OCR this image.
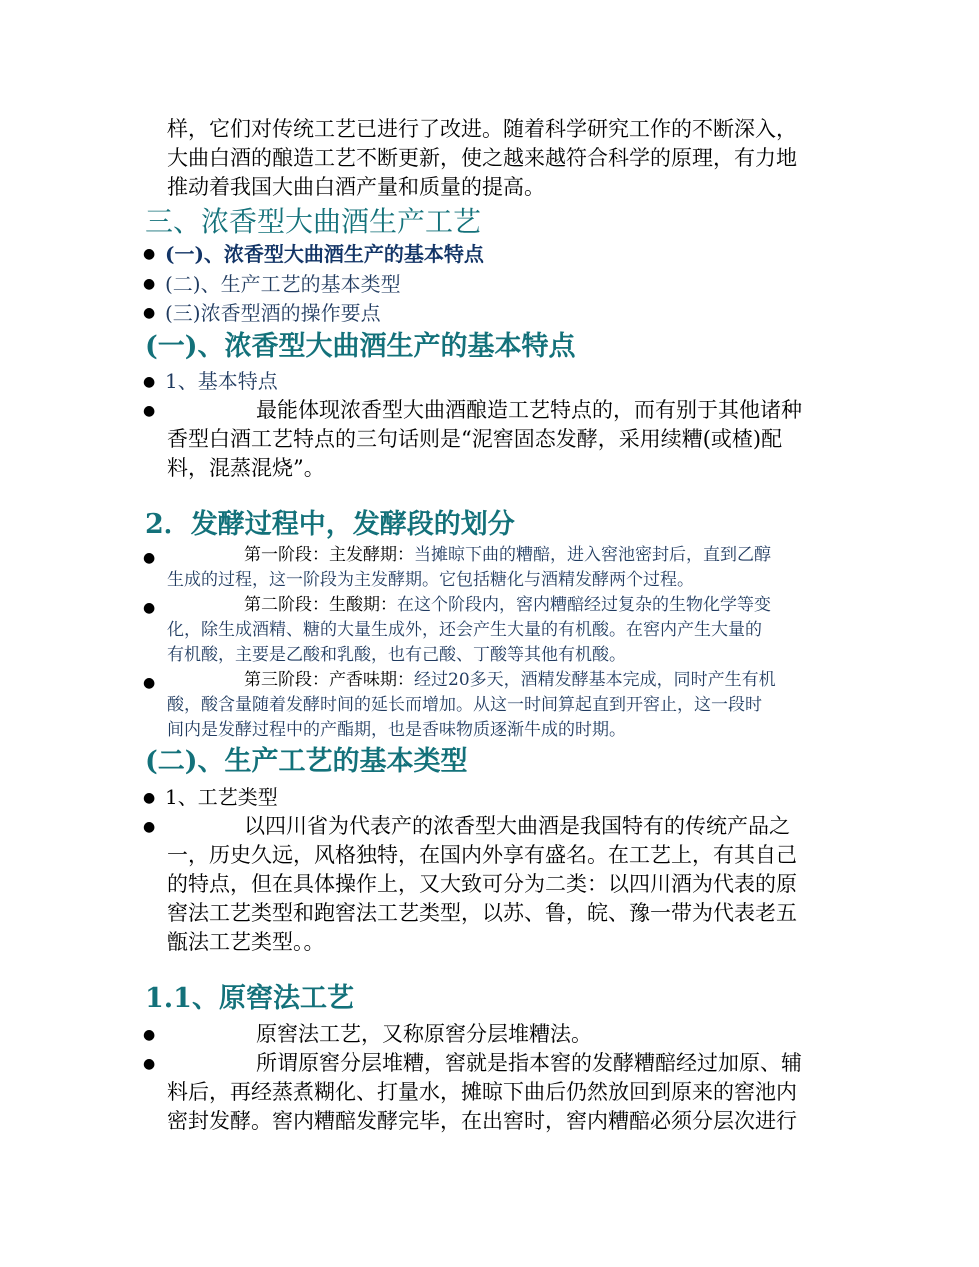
样，它们对传统工艺已进行了改进。随着科学研究工作的不断深入，
大曲白酒的酿造工艺不断更新，使之越来越符合科学的原理，有力地
推动着我国大曲白酒产量和质量的提高。
三、浓香型大曲酒生产工艺
● (一)、浓香型大曲酒生产的基本特点
● (二)、生产工艺的基本类型
● (三)浓香型酒的操作要点
(一)、浓香型大曲酒生产的基本特点
● 1、基本特点
●	最能体现浓香型大曲酒酿造工艺特点的，而有别于其他诸种
香型白酒工艺特点的三句话则是“泥窖固态发酵，采用续糟(或楂)配
料，混蒸混烧”。
2．发酵过程中，发酵段的划分
●	第一阶段：主发酵期：当摊晾下曲的糟醅，进入窖池密封后，直到乙醇
生成的过程，这一阶段为主发酵期。它包括糖化与酒精发酵两个过程。
●	第二阶段：生酸期：在这个阶段内，窖内糟醅经过复杂的生物化学等变
化，除生成酒精、糖的大量生成外，还会产生大量的有机酸。在窖内产生大量的
有机酸，主要是乙酸和乳酸，也有己酸、丁酸等其他有机酸。
●	第三阶段：产香味期：经过20多天，酒精发酵基本完成，同时产生有机
酸，酸含量随着发酵时间的延长而增加。从这一时间算起直到开窖止，这一段时
间内是发酵过程中的产酯期，也是香味物质逐渐牛成的时期。
(二)、生产工艺的基本类型
● 1、工艺类型
●	以四川省为代表产的浓香型大曲酒是我国特有的传统产品之
一，历史久远，风格独特，在国内外享有盛名。在工艺上，有其自己
的特点，但在具体操作上，又大致可分为二类：以四川酒为代表的原
窖法工艺类型和跑窖法工艺类型，以苏、鲁，皖、豫一带为代表老五
甑法工艺类型。。
1.1、原窖法工艺
●	原窖法工艺，又称原窖分层堆糟法。
●	所谓原窖分层堆糟，窖就是指本窖的发酵糟醅经过加原、辅
料后，再经蒸煮糊化、打量水，摊晾下曲后仍然放回到原来的窖池内
密封发酵。窖内糟醅发酵完毕，在出窖时，窖内糟醅必须分层次进行
